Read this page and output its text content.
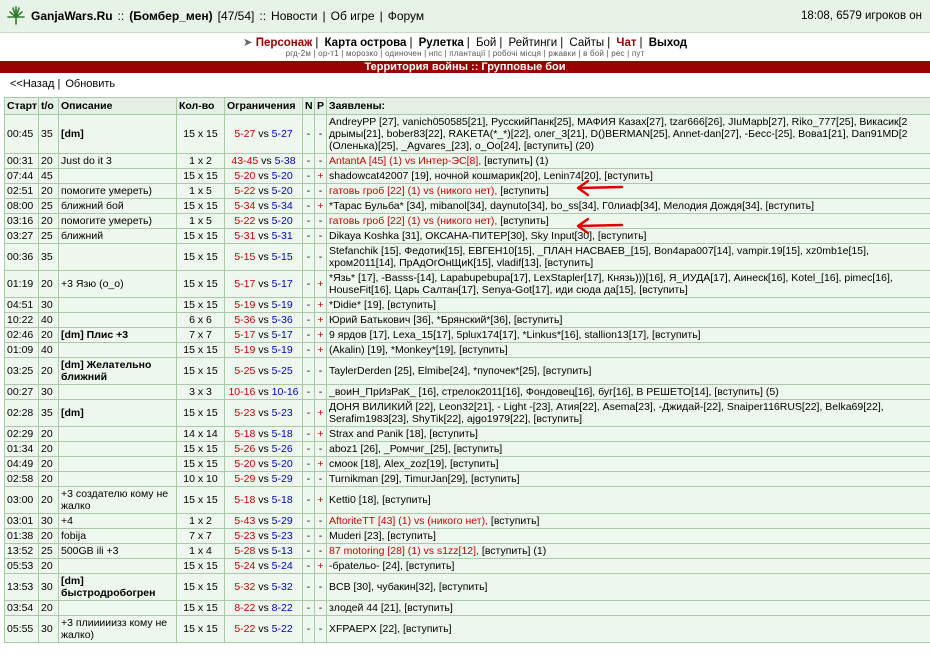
GanjaWars.Ru :: (Бомбер_мен) [47/54] :: Новости | Об игре | Форум	18:08, 6579 игроков он
➤ Персонаж | Карта острова | Рулетка | Бой | Рейтинги | Сайты | Чат | Выход
ргд-2м | ор-т1 | морозко | одиночен | нпс | плантації | робочі місця | ржавки | в бой | рес | пут
Территория войны :: Групповые бои
<<Назад | Обновить
Старт	t/o	Описание	Кол-во	Ограничения	N	P	Заявлены:
00:45	35	[dm]	15 x 15	5-27 vs 5-27	-	-	AndreyPP [27], vanich050585[21], РусскийПанк[25], МАФИЯ Казах[27], tzar666[26], JIuMapb[27], Riko_777[25], Викасик[2 дрымы[21], bober83[22], RAKETA(*_*)[22], олег_3[21], D()BERMAN[25], Annet-dan[27], -Бесс-[25], Вова1[21], Dan91MD[2 (Оленька)[25], _Agvares_[23], o_Oo[24], [вступить] (20)
00:31	20	Just do it 3	1 x 2	43-45 vs 5-38	-	-	AntantA [45] (1) vs Интер-ЭС[8], [вступить] (1)
07:44	45		15 x 15	5-20 vs 5-20	-	+	shadowcat42007 [19], ночной кошмарик[20], Lenin74[20], [вступить]
02:51	20	помогите умереть)	1 x 5	5-22 vs 5-20	-	-	гатовь гроб [22] (1) vs (никого нет), [вступить]
08:00	25	ближний бой	15 x 15	5-34 vs 5-34	-	+	*Тарас Бульба* [34], mibanol[34], daynuto[34], bo_ss[34], Г0лиаф[34], Мелодия Дождя[34], [вступить]
03:16	20	помогите умереть)	1 x 5	5-22 vs 5-20	-	-	гатовь гроб [22] (1) vs (никого нет), [вступить]
03:27	25	ближний	15 x 15	5-31 vs 5-31	-	-	Dikaya Koshka [31], ОКСАНА-ПИТЕР[30], Sky Input[30], [вступить]
00:36	35		15 x 15	5-15 vs 5-15	-	-	Stefanchik [15], Федотик[15], ЕВГЕН10[15], _ПЛАН НАСВАЕВ_[15], Bon4apa007[14], vampir.19[15], xz0mb1e[15], хром2011[14], ПрАдОгОнЩиК[15], vladif[13], [вступить]
01:19	20	+3 Язю (о_о)	15 x 15	5-17 vs 5-17	-	+	*Язь* [17], -Basss-[14], Lapabupebupa[17], LexStapler[17], Князь)))[16], Я_ИУДА[17], Аинеск[16], Kotel_[16], pimec[16], HouseFit[16], Царь Салтан[17], Senya-Got[17], иди сюда да[15], [вступить]
04:51	30		15 x 15	5-19 vs 5-19	-	+	*Didie* [19], [вступить]
10:22	40		6 x 6	5-36 vs 5-36	-	+	Юрий Батькович [36], *Брянский*[36], [вступить]
02:46	20	[dm] Плис +3	7 x 7	5-17 vs 5-17	-	+	9 ярдов [17], Lexa_15[17], 5plux174[17], *Linkus*[16], stallion13[17], [вступить]
01:09	40		15 x 15	5-19 vs 5-19	-	+	(Akalin) [19], *Monkey*[19], [вступить]
03:25	20	[dm] Желательно ближний	15 x 15	5-25 vs 5-25	-	-	TaylerDerden [25], Elmibe[24], *пупочек*[25], [вступить]
00:27	30		3 x 3	10-16 vs 10-16	-	-	_воиН_ПрИзРаК_ [16], стрелок2011[16], Фондовец[16], буг[16], В РЕШЕТО[14], [вступить] (5)
02:28	35	[dm]	15 x 15	5-23 vs 5-23	-	+	ДОНЯ ВИЛИКИЙ [22], Leon32[21], - Light -[23], Атия[22], Asema[23], -Джидай-[22], Snaiper116RUS[22], Belka69[22], Serafim1983[23], ShyTik[22], ajgo1979[22], [вступить]
02:29	20		14 x 14	5-18 vs 5-18	-	+	Strax and Panik [18], [вступить]
01:34	20		15 x 15	5-26 vs 5-26	-	-	aboz1 [26], _Ромчиг_[25], [вступить]
04:49	20		15 x 15	5-20 vs 5-20	-	+	смоок [18], Alex_zoz[19], [вступить]
02:58	20		10 x 10	5-29 vs 5-29	-	-	Turnikman [29], TimurJan[29], [вступить]
03:00	20	+3 создателю кому не жалко	15 x 15	5-18 vs 5-18	-	+	Ketti0 [18], [вступить]
03:01	30	+4	1 x 2	5-43 vs 5-29	-	-	AftoriteTT [43] (1) vs (никого нет), [вступить]
01:38	20	fobija	7 x 7	5-23 vs 5-23	-	-	Muderi [23], [вступить]
13:52	25	500GB ili +3	1 x 4	5-28 vs 5-13	-	-	87 motoring [28] (1) vs s1zz[12], [вступить] (1)
05:53	20		15 x 15	5-24 vs 5-24	-	+	-браtельо- [24], [вступить]
13:53	30	[dm] быстродробогрен	15 x 15	5-32 vs 5-32	-	-	BCB [30], чубакин[32], [вступить]
03:54	20		15 x 15	8-22 vs 8-22	-	-	злодей 44 [21], [вступить]
05:55	30	+3 плииииизз кому не жалко)	15 x 15	5-22 vs 5-22	-	-	XFPAEPX [22], [вступить]
